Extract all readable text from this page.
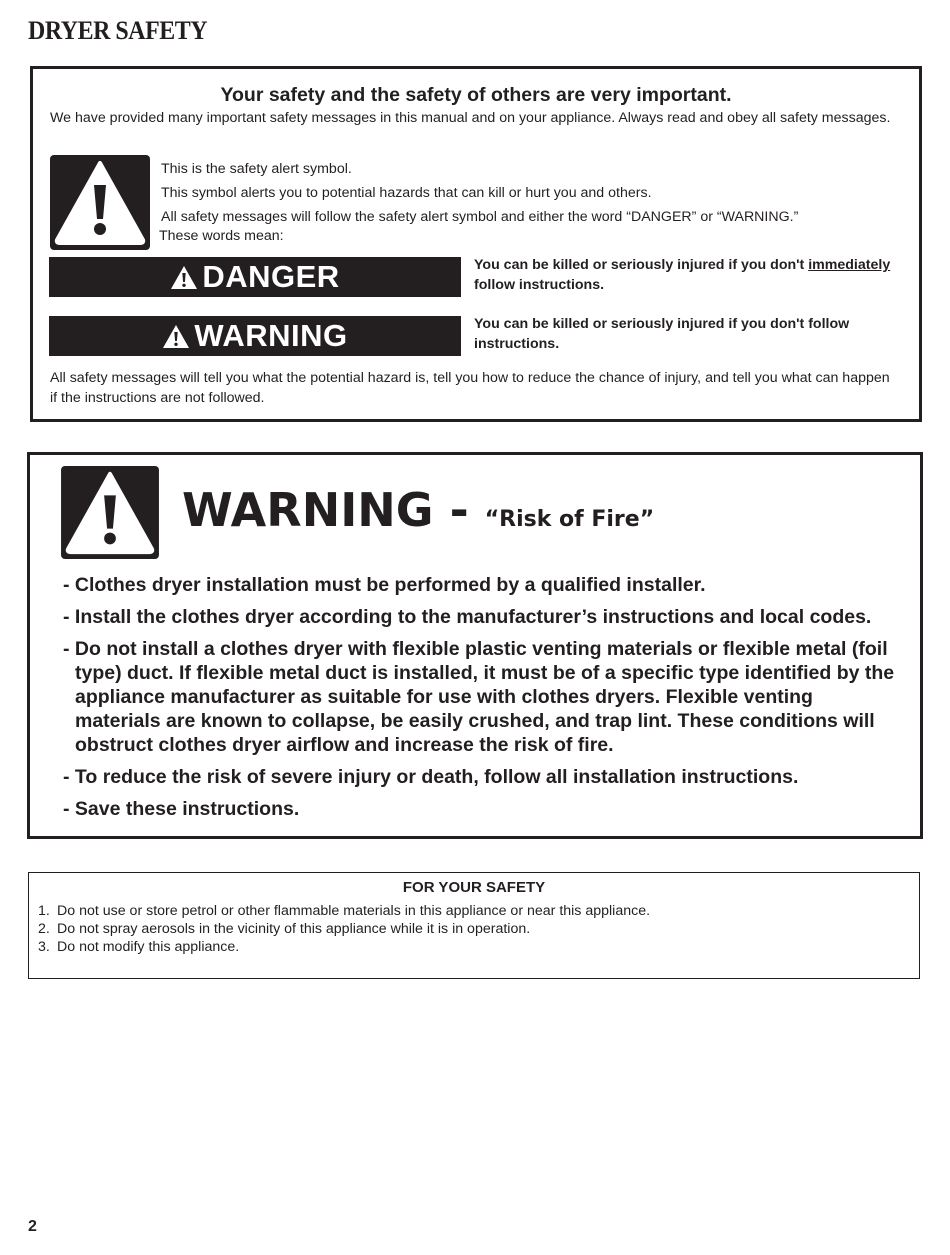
DRYER SAFETY
Your safety and the safety of others are very important.
We have provided many important safety messages in this manual and on your appliance. Always read and obey all safety messages.
This is the safety alert symbol.
This symbol alerts you to potential hazards that can kill or hurt you and others.
All safety messages will follow the safety alert symbol and either the word “DANGER” or “WARNING.”
These words mean:
DANGER	You can be killed or seriously injured if you don't immediately follow instructions.
WARNING	You can be killed or seriously injured if you don't follow instructions.
All safety messages will tell you what the potential hazard is, tell you how to reduce the chance of injury, and tell you what can happen if the instructions are not followed.
WARNING - “Risk of Fire”
- Clothes dryer installation must be performed by a qualified installer.
- Install the clothes dryer according to the manufacturer’s instructions and local codes.
- Do not install a clothes dryer with flexible plastic venting materials or flexible metal (foil type) duct. If flexible metal duct is installed, it must be of a specific type identified by the appliance manufacturer as suitable for use with clothes dryers. Flexible venting materials are known to collapse, be easily crushed, and trap lint. These conditions will obstruct clothes dryer airflow and increase the risk of fire.
- To reduce the risk of severe injury or death, follow all installation instructions.
- Save these instructions.
FOR YOUR SAFETY
1. Do not use or store petrol or other flammable materials in this appliance or near this appliance.
2. Do not spray aerosols in the vicinity of this appliance while it is in operation.
3. Do not modify this appliance.
2
